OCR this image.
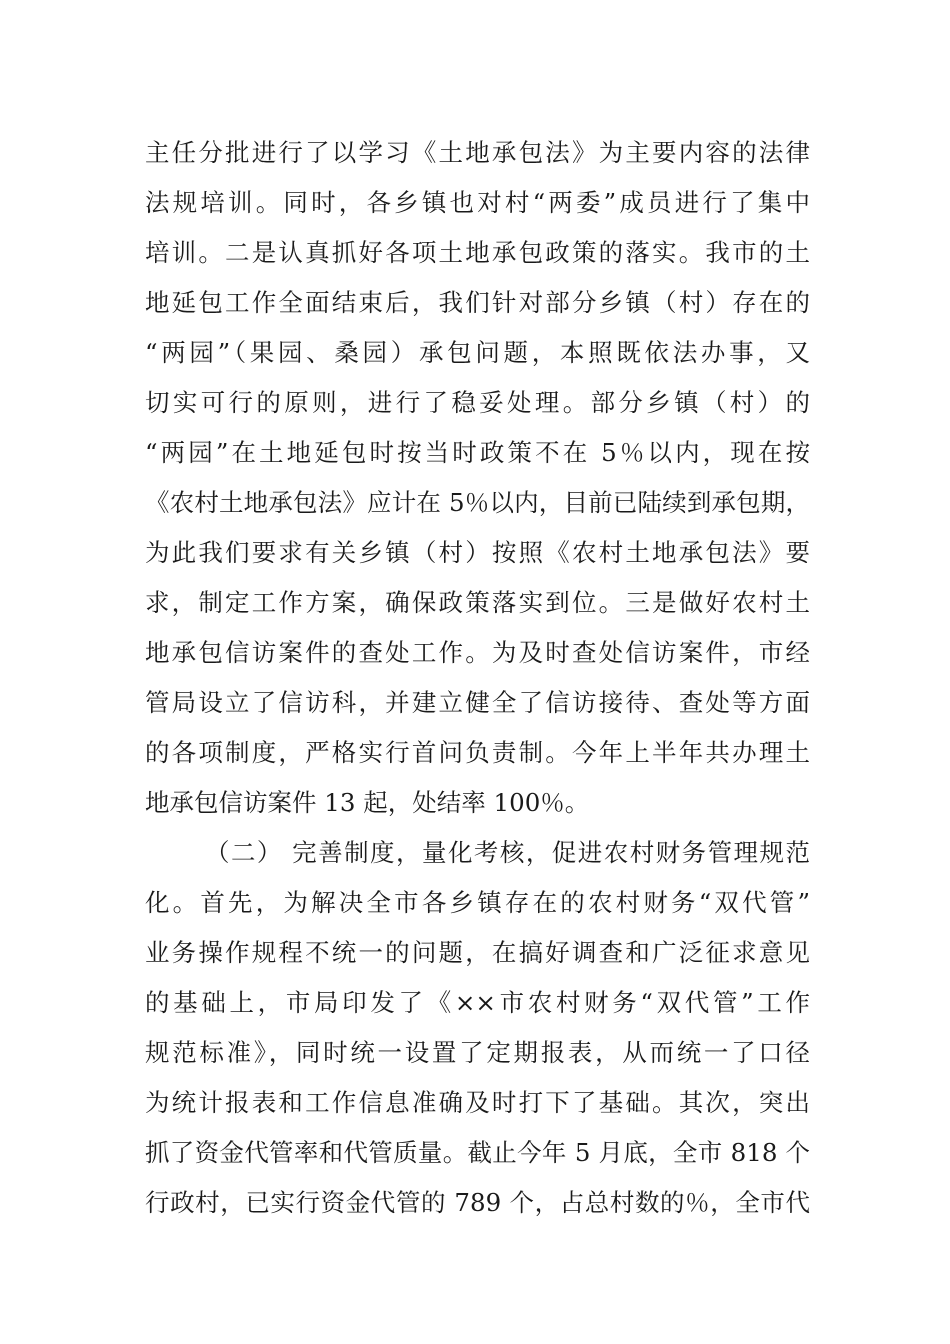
主任分批进行了以学习《土地承包法》为主要内容的法律
法规培训。同时，各乡镇也对村“两委”成员进行了集中
培训。二是认真抓好各项土地承包政策的落实。我市的土
地延包工作全面结束后，我们针对部分乡镇（村）存在的
“两园”（果园、桑园）承包问题，本照既依法办事，又
切实可行的原则，进行了稳妥处理。部分乡镇（村）的
“两园”在土地延包时按当时政策不在 5％以内，现在按
《农村土地承包法》应计在 5％以内，目前已陆续到承包期，
为此我们要求有关乡镇（村）按照《农村土地承包法》要
求，制定工作方案，确保政策落实到位。三是做好农村土
地承包信访案件的查处工作。为及时查处信访案件，市经
管局设立了信访科，并建立健全了信访接待、查处等方面
的各项制度，严格实行首问负责制。今年上半年共办理土
地承包信访案件 13 起，处结率 100％。
（二） 完善制度，量化考核，促进农村财务管理规范
化。首先，为解决全市各乡镇存在的农村财务“双代管”
业务操作规程不统一的问题，在搞好调查和广泛征求意见
的基础上，市局印发了《××市农村财务“双代管”工作
规范标准》，同时统一设置了定期报表，从而统一了口径
为统计报表和工作信息准确及时打下了基础。其次，突出
抓了资金代管率和代管质量。截止今年 5 月底，全市 818 个
行政村，已实行资金代管的 789 个，占总村数的％，全市代
